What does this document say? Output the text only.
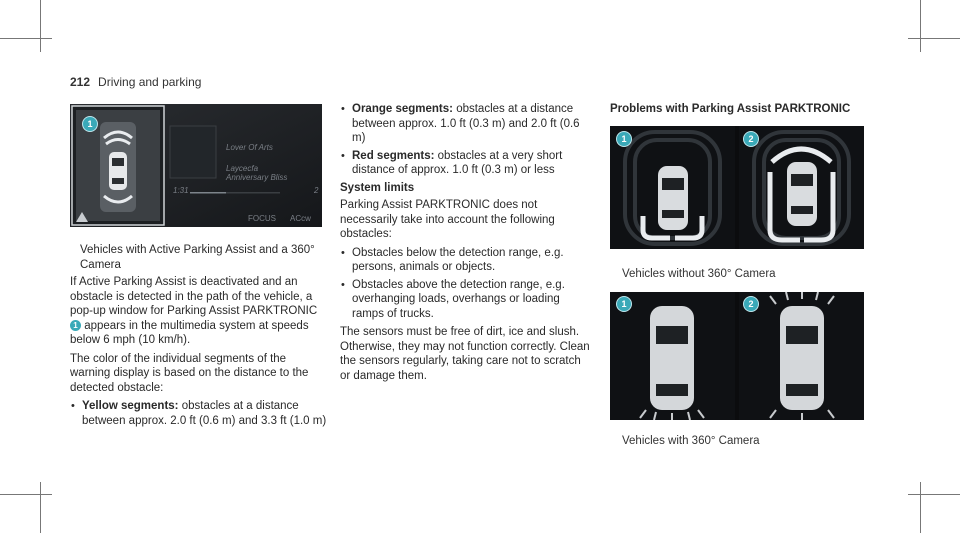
212 Driving and parking
1
Lover Of Arts
Laycecfa
Anniversary Bliss
1:31	2
FOCUS ACcw

Vehicles with Active Parking Assist and a 360°
Camera

If Active Parking Assist is deactivated and an obstacle is detected in the path of the vehicle, a pop-up window for Parking Assist PARKTRONIC 1 appears in the multimedia system at speeds below 6 mph (10 km/h).

The color of the individual segments of the warning display is based on the distance to the detected obstacle:

• Yellow segments: obstacles at a distance between approx. 2.0 ft (0.6 m) and 3.3 ft (1.0 m)
• Orange segments: obstacles at a distance between approx. 1.0 ft (0.3 m) and 2.0 ft (0.6 m)
• Red segments: obstacles at a very short distance of approx. 1.0 ft (0.3 m) or less
System limits

Parking Assist PARKTRONIC does not necessarily take into account the following obstacles:

• Obstacles below the detection range, e.g. persons, animals or objects.
• Obstacles above the detection range, e.g. overhanging loads, overhangs or loading ramps of trucks.

The sensors must be free of dirt, ice and slush. Otherwise, they may not function correctly. Clean the sensors regularly, taking care not to scratch or damage them.

Problems with Parking Assist PARKTRONIC
1	2
Vehicles without 360° Camera
1	2
Vehicles with 360° Camera
